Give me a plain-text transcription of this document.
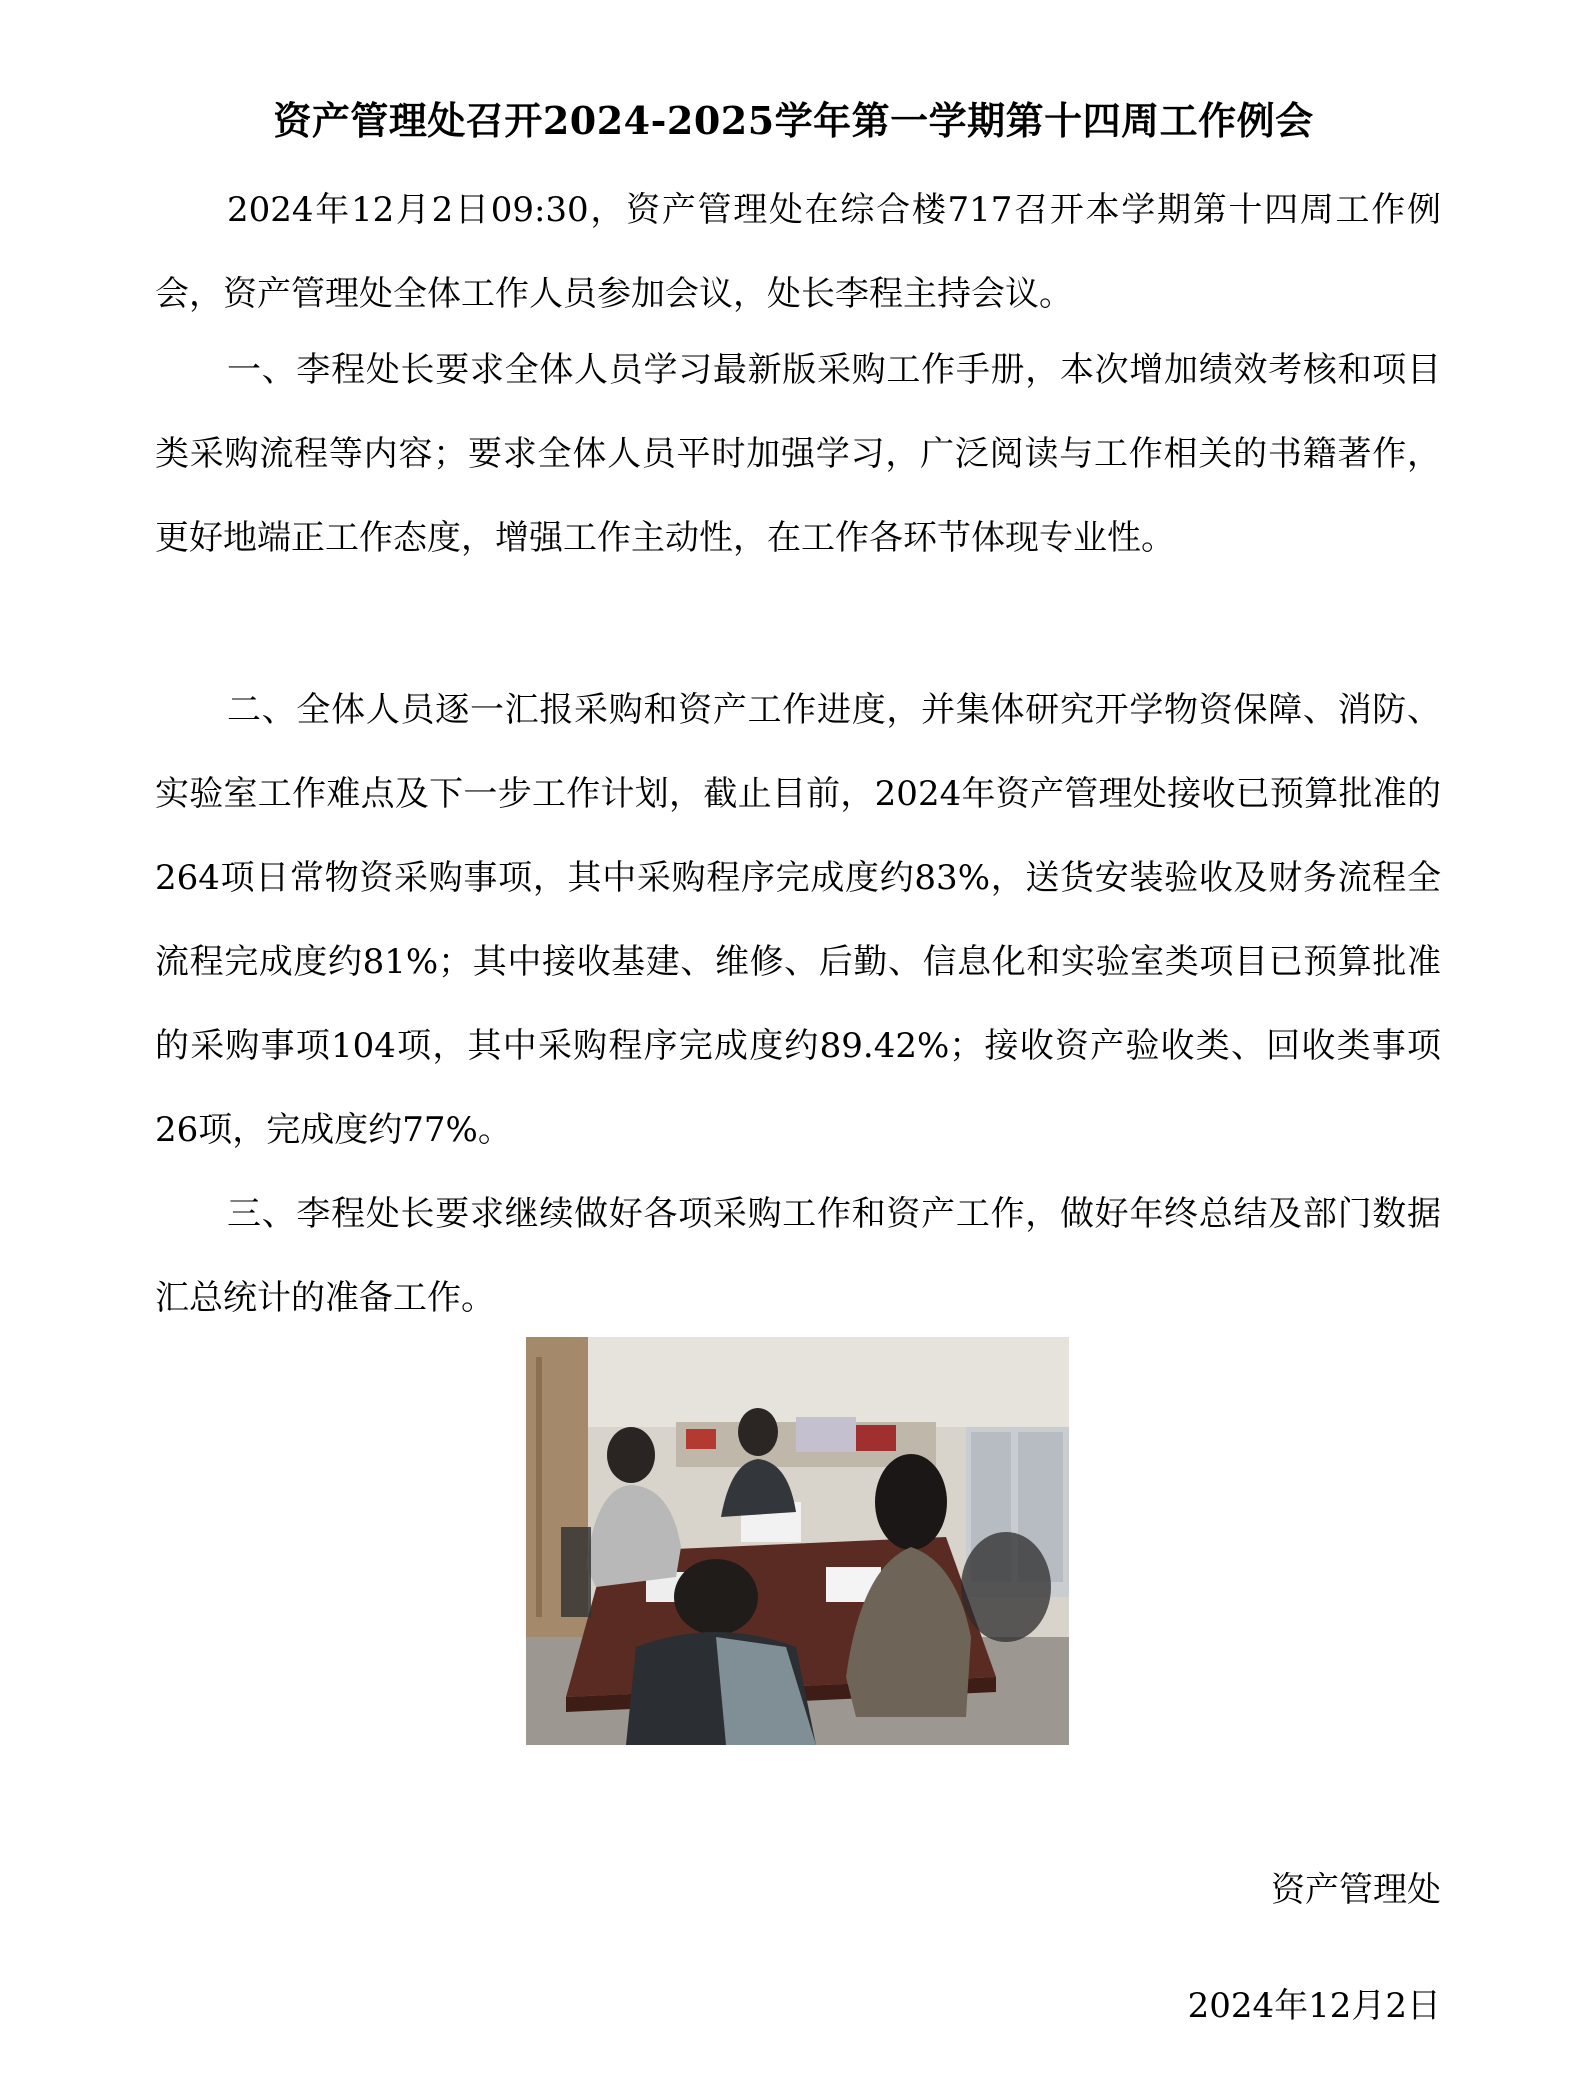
资产管理处召开2024-2025学年第一学期第十四周工作例会

2024年12月2日09:30，资产管理处在综合楼717召开本学期第十四周工作例会，资产管理处全体工作人员参加会议，处长李程主持会议。

一、李程处长要求全体人员学习最新版采购工作手册，本次增加绩效考核和项目类采购流程等内容；要求全体人员平时加强学习，广泛阅读与工作相关的书籍著作，更好地端正工作态度，增强工作主动性，在工作各环节体现专业性。

二、全体人员逐一汇报采购和资产工作进度，并集体研究开学物资保障、消防、实验室工作难点及下一步工作计划，截止目前，2024年资产管理处接收已预算批准的264项日常物资采购事项，其中采购程序完成度约83%，送货安装验收及财务流程全流程完成度约81%；其中接收基建、维修、后勤、信息化和实验室类项目已预算批准的采购事项104项，其中采购程序完成度约89.42%；接收资产验收类、回收类事项26项，完成度约77%。

三、李程处长要求继续做好各项采购工作和资产工作，做好年终总结及部门数据汇总统计的准备工作。

资产管理处
2024年12月2日
